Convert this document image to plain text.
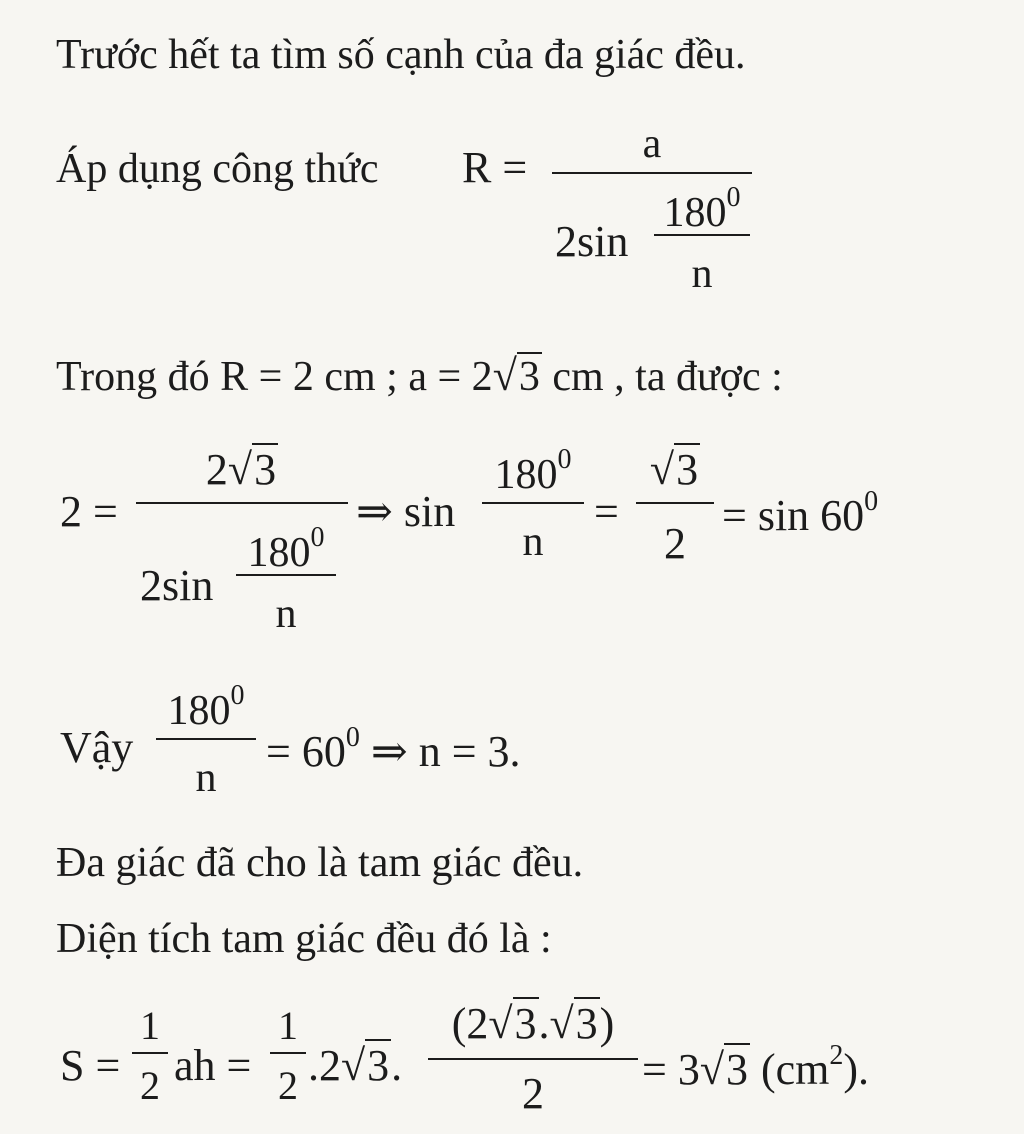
Trước hết ta tìm số cạnh của đa giác đều.
Áp dụng công thức R =	a
2sin
$180^0$
n
Trong đó R = 2 cm ; a = 2√3 cm , ta được :
2 =
2√3
2sin
$180^0$
n
⇒ sin
$180^0$
n
=
√3
2
= $\sin 60^0$
Vậy
$180^0$
n
= $60^0$ ⇒ n = 3.
Đa giác đã cho là tam giác đều.
Diện tích tam giác đều đó là :
S =
1
2 ah =
1
2 .2√3.
(2√3.√3)
2	= 3√3 $(cm^2)$.
